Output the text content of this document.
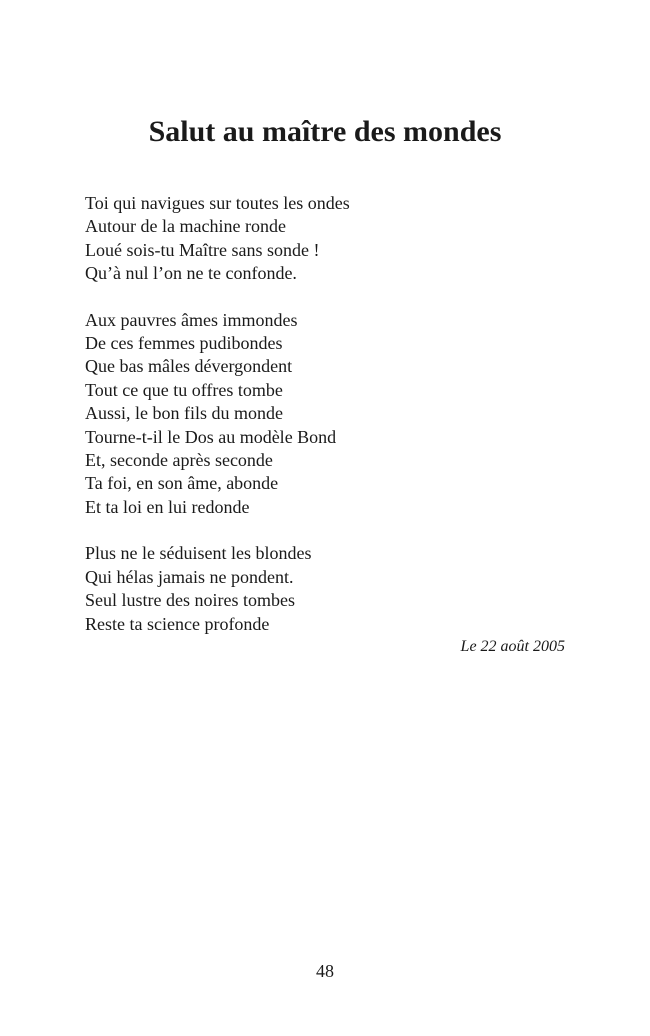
Salut au maître des mondes
Toi qui navigues sur toutes les ondes
Autour de la machine ronde
Loué sois-tu Maître sans sonde !
Qu’à nul l’on ne te confonde.
Aux pauvres âmes immondes
De ces femmes pudibondes
Que bas mâles dévergondent
Tout ce que tu offres tombe
Aussi, le bon fils du monde
Tourne-t-il le Dos au modèle Bond
Et, seconde après seconde
Ta foi, en son âme, abonde
Et ta loi en lui redonde
Plus ne le séduisent les blondes
Qui hélas jamais ne pondent.
Seul lustre des noires tombes
Reste ta science profonde
Le 22 août 2005
48
